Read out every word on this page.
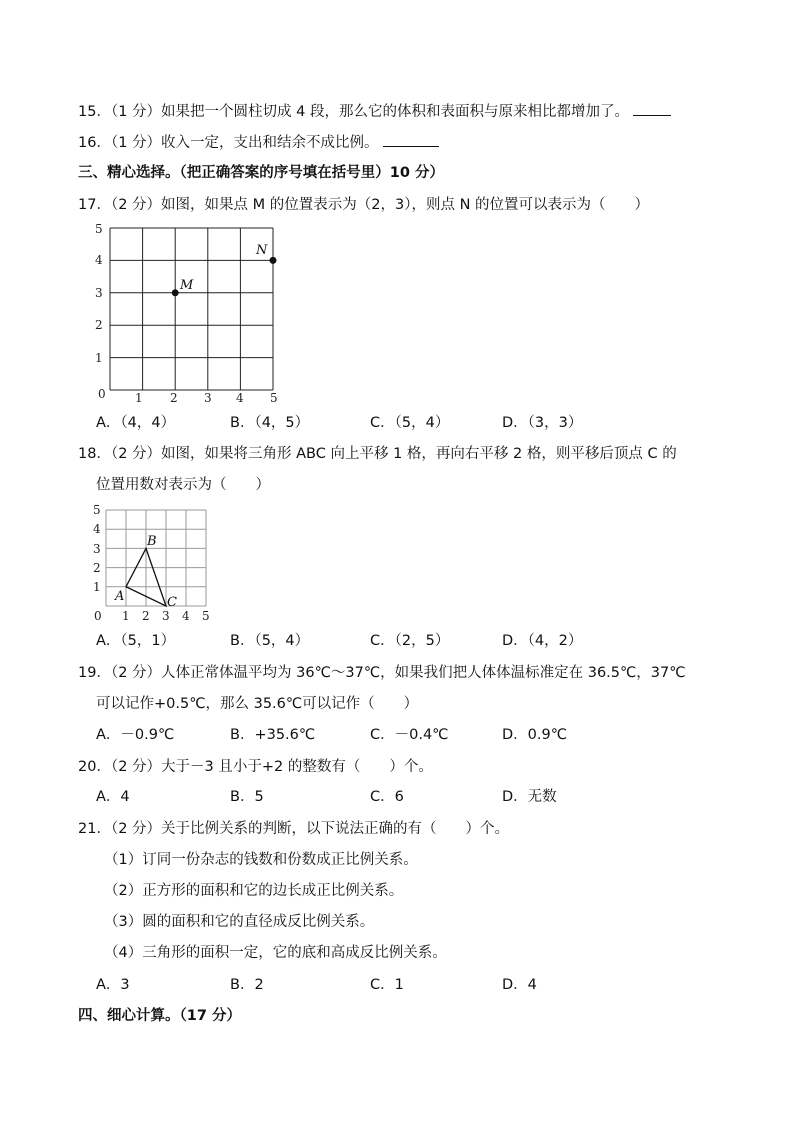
15．（1 分）如果把一个圆柱切成 4 段，那么它的体积和表面积与原来相比都增加了。
16．（1 分）收入一定，支出和结余不成比例。
三、精心选择。（把正确答案的序号填在括号里）10 分）
17．（2 分）如图，如果点 M 的位置表示为（2，3），则点 N 的位置可以表示为（　　）
0 1 2 3 4 5
1
2
3
4
5
M
N
A．（4，4）	B．（4，5）	C．（5，4）	D．（3，3）
18．（2 分）如图，如果将三角形 ABC 向上平移 1 格，再向右平移 2 格，则平移后顶点 C 的
位置用数对表示为（　　）
0 1 2 3 4 5
1
2
3
4
5
A
B
C
A．（5，1）	B．（5，4）	C．（2，5）	D．（4，2）
19．（2 分）人体正常体温平均为 36℃～37℃，如果我们把人体体温标准定在 36.5℃，37℃
可以记作+0.5℃，那么 35.6℃可以记作（　　）
A．－0.9℃	B．+35.6℃	C．－0.4℃	D．0.9℃
20．（2 分）大于－3 且小于+2 的整数有（　　）个。
A．4	B．5	C．6	D．无数
21．（2 分）关于比例关系的判断，以下说法正确的有（　　）个。
（1）订同一份杂志的钱数和份数成正比例关系。
（2）正方形的面积和它的边长成正比例关系。
（3）圆的面积和它的直径成反比例关系。
（4）三角形的面积一定，它的底和高成反比例关系。
A．3	B．2	C．1	D．4
四、细心计算。（17 分）
